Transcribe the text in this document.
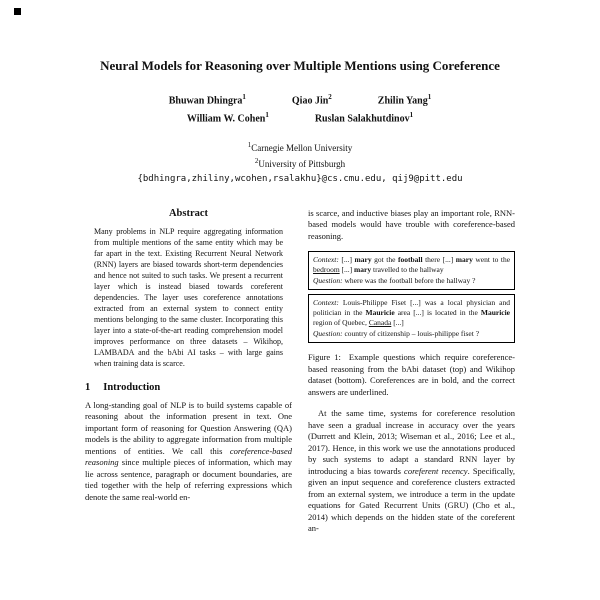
Neural Models for Reasoning over Multiple Mentions using Coreference
Bhuwan Dhingra$^1$	Qiao Jin$^2$	Zhilin Yang$^1$
William W. Cohen$^1$	Ruslan Salakhutdinov$^1$
$^1$Carnegie Mellon University
$^2$University of Pittsburgh
{bdhingra,zhiliny,wcohen,rsalakhu}@cs.cmu.edu, qij9@pitt.edu
Abstract
Many problems in NLP require aggregating information from multiple mentions of the same entity which may be far apart in the text. Existing Recurrent Neural Network (RNN) layers are biased towards short-term dependencies and hence not suited to such tasks. We present a recurrent layer which is instead biased towards coreferent dependencies. The layer uses coreference annotations extracted from an external system to connect entity mentions belonging to the same cluster. Incorporating this layer into a state-of-the-art reading comprehension model improves performance on three datasets – Wikihop, LAMBADA and the bAbi AI tasks – with large gains when training data is scarce.
1 Introduction
A long-standing goal of NLP is to build systems capable of reasoning about the information present in text. One important form of reasoning for Question Answering (QA) models is the ability to aggregate information from multiple mentions of entities. We call this coreference-based reasoning since multiple pieces of information, which may lie across sentence, paragraph or document boundaries, are tied together with the help of referring expressions which denote the same real-world en-
is scarce, and inductive biases play an important role, RNN-based models would have trouble with coreference-based reasoning.
Context: [...] mary got the football there [...] mary went to the bedroom [...] mary travelled to the hallway
Question: where was the football before the hallway ?
Context: Louis-Philippe Fiset [...] was a local physician and politician in the Mauricie area [...] is located in the Mauricie region of Quebec, Canada [...]
Question: country of citizenship – louis-philippe fiset ?
Figure 1: Example questions which require coreference-based reasoning from the bAbi dataset (top) and Wikihop dataset (bottom). Coreferences are in bold, and the correct answers are underlined.
At the same time, systems for coreference resolution have seen a gradual increase in accuracy over the years (Durrett and Klein, 2013; Wiseman et al., 2016; Lee et al., 2017). Hence, in this work we use the annotations produced by such systems to adapt a standard RNN layer by introducing a bias towards coreferent recency. Specifically, given an input sequence and coreference clusters extracted from an external system, we introduce a term in the update equations for Gated Recurrent Units (GRU) (Cho et al., 2014) which depends on the hidden state of the coreferent an-
